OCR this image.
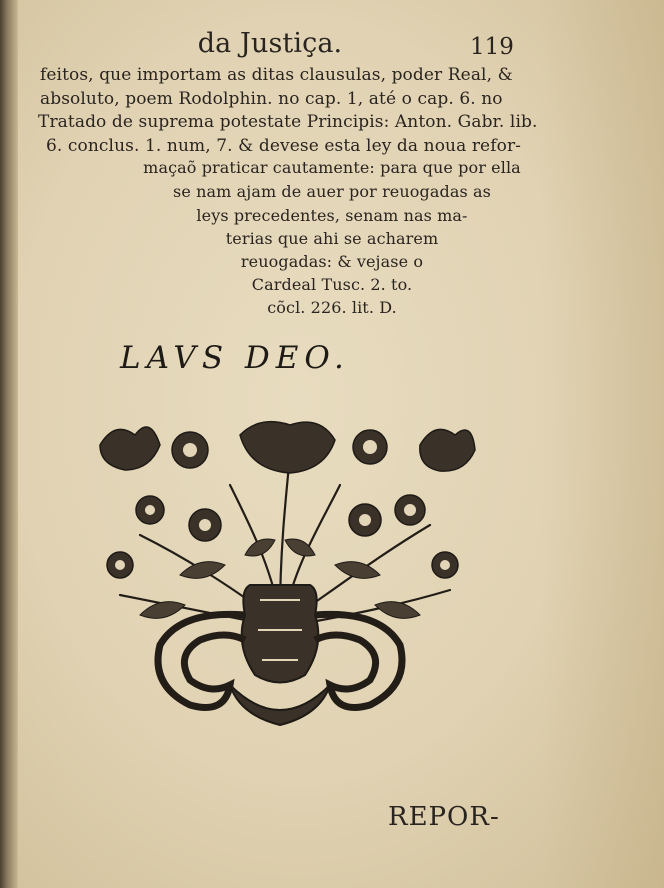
da Justiça.	119
feitos, que importam as ditas clausulas, poder Real, &
absoluto, poem Rodolphin. no cap. 1, até o cap. 6. no
Tratado de suprema potestate Principis: Anton. Gabr. lib.
6. conclus. 1. num, 7. & devese esta ley da noua refor-
maçaõ praticar cautamente: para que por ella
se nam ajam de auer por reuogadas as
leys precedentes, senam nas ma-
terias que ahi se acharem
reuogadas: & vejase o
Cardeal Tusc. 2. to.
cõcl. 226. lit. D.
LAVS DEO.
REPOR-
